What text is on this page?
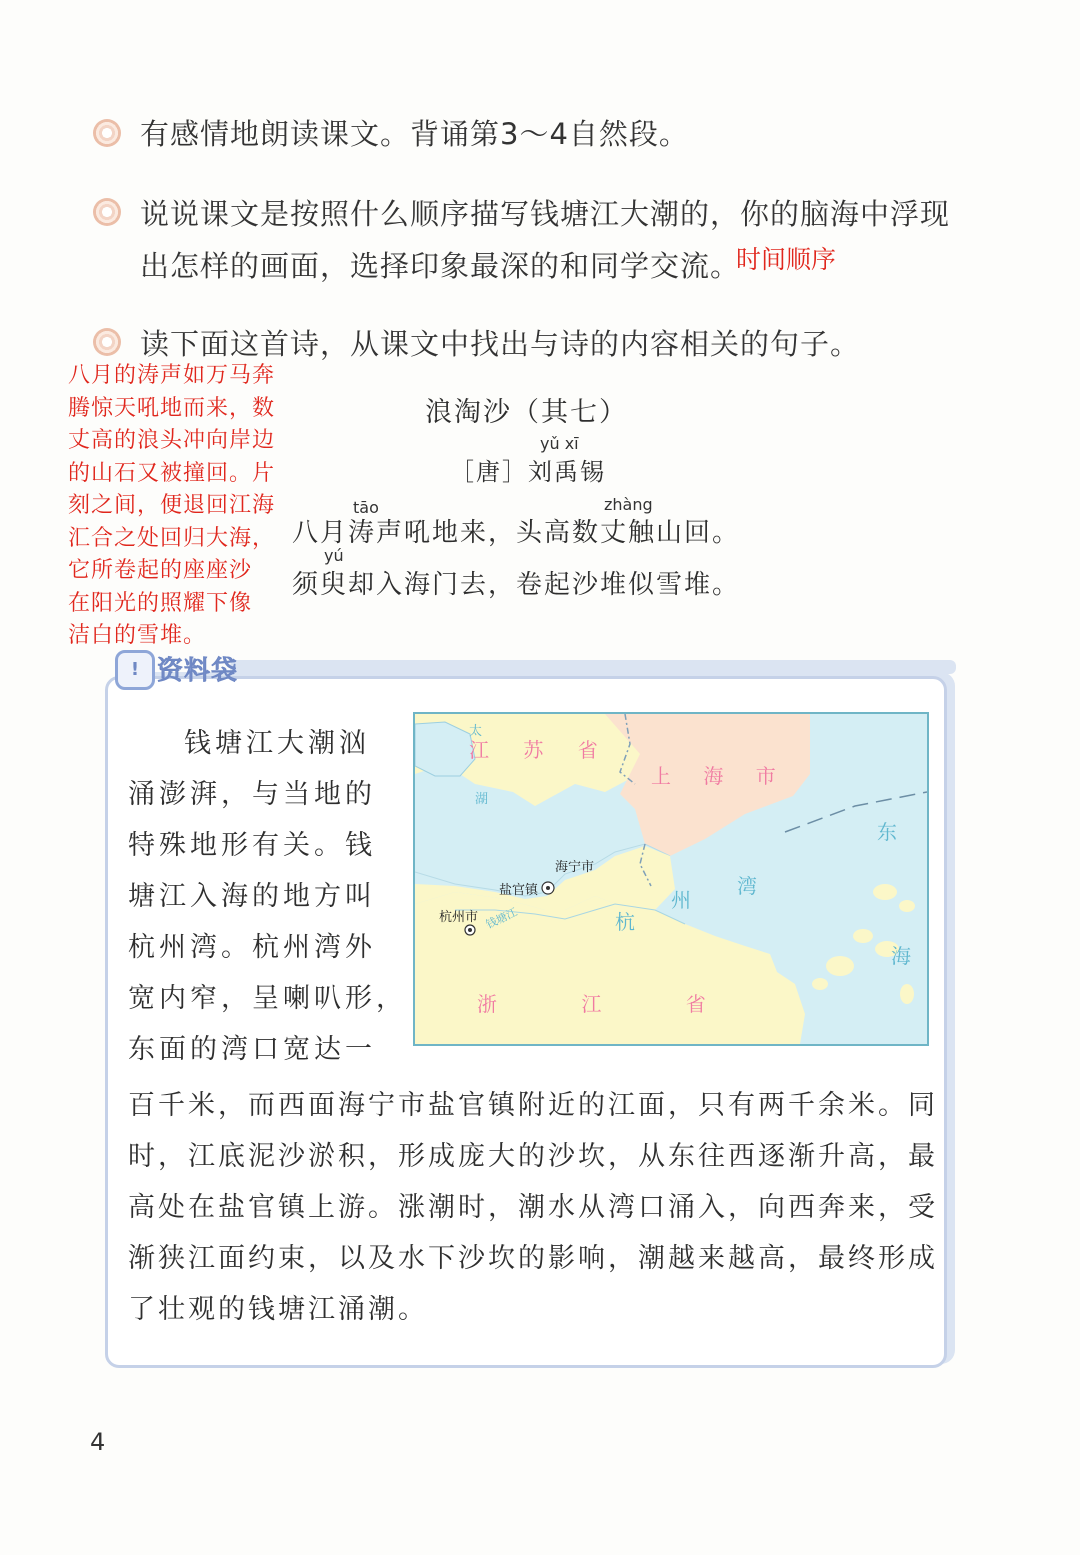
有感情地朗读课文。背诵第3～4自然段。
说说课文是按照什么顺序描写钱塘江大潮的，你的脑海中浮现
出怎样的画面，选择印象最深的和同学交流。
时间顺序
读下面这首诗，从课文中找出与诗的内容相关的句子。
八月的涛声如万马奔
腾惊天吼地而来，数
丈高的浪头冲向岸边
的山石又被撞回。片
刻之间，便退回江海
汇合之处回归大海，
它所卷起的座座沙
在阳光的照耀下像
洁白的雪堆。
浪淘沙（其七）
yǔ xī
［唐］刘禹锡
tāo	zhàng
八月涛声吼地来，头高数丈触山回。
yú
须臾却入海门去，卷起沙堆似雪堆。
ǃ 资料袋
钱塘江大潮汹
涌澎湃，与当地的
特殊地形有关。钱
塘江入海的地方叫
杭州湾。杭州湾外
宽内窄，呈喇叭形，
东面的湾口宽达一
百千米，而西面海宁市盐官镇附近的江面，只有两千余米。同
时，江底泥沙淤积，形成庞大的沙坎，从东往西逐渐升高，最
高处在盐官镇上游。涨潮时，潮水从湾口涌入，向西奔来，受
渐狭江面约束，以及水下沙坎的影响，潮越来越高，最终形成
了壮观的钱塘江涌潮。
太
湖
江 苏 省
上 海 市
东
海
杭
州
湾
钱塘江
海宁市
盐官镇
杭州市
浙	江	省
4
